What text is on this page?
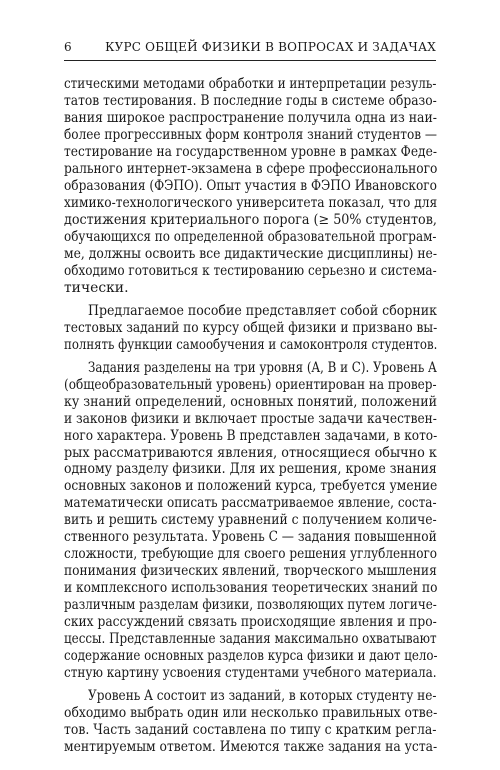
6	КУРС ОБЩЕЙ ФИЗИКИ В ВОПРОСАХ И ЗАДАЧАХ
стическими методами обработки и интерпретации резуль-
татов тестирования. В последние годы в системе образо-
вания широкое распространение получила одна из наи-
более прогрессивных форм контроля знаний студентов —
тестирование на государственном уровне в рамках Феде-
рального интернет-экзамена в сфере профессионального
образования (ФЭПО). Опыт участия в ФЭПО Ивановского
химико-технологического университета показал, что для
достижения критериального порога (≥ 50% студентов,
обучающихся по определенной образовательной програм-
ме, должны освоить все дидактические дисциплины) не-
обходимо готовиться к тестированию серьезно и система-
тически.
Предлагаемое пособие представляет собой сборник
тестовых заданий по курсу общей физики и призвано вы-
полнять функции самообучения и самоконтроля студентов.
Задания разделены на три уровня (A, B и C). Уровень A
(общеобразовательный уровень) ориентирован на провер-
ку знаний определений, основных понятий, положений
и законов физики и включает простые задачи качествен-
ного характера. Уровень B представлен задачами, в кото-
рых рассматриваются явления, относящиеся обычно к
одному разделу физики. Для их решения, кроме знания
основных законов и положений курса, требуется умение
математически описать рассматриваемое явление, соста-
вить и решить систему уравнений с получением количе-
ственного результата. Уровень C — задания повышенной
сложности, требующие для своего решения углубленного
понимания физических явлений, творческого мышления
и комплексного использования теоретических знаний по
различным разделам физики, позволяющих путем логиче-
ских рассуждений связать происходящие явления и про-
цессы. Представленные задания максимально охватывают
содержание основных разделов курса физики и дают цело-
стную картину усвоения студентами учебного материала.
Уровень A состоит из заданий, в которых студенту не-
обходимо выбрать один или несколько правильных отве-
тов. Часть заданий составлена по типу с кратким регла-
ментируемым ответом. Имеются также задания на уста-
